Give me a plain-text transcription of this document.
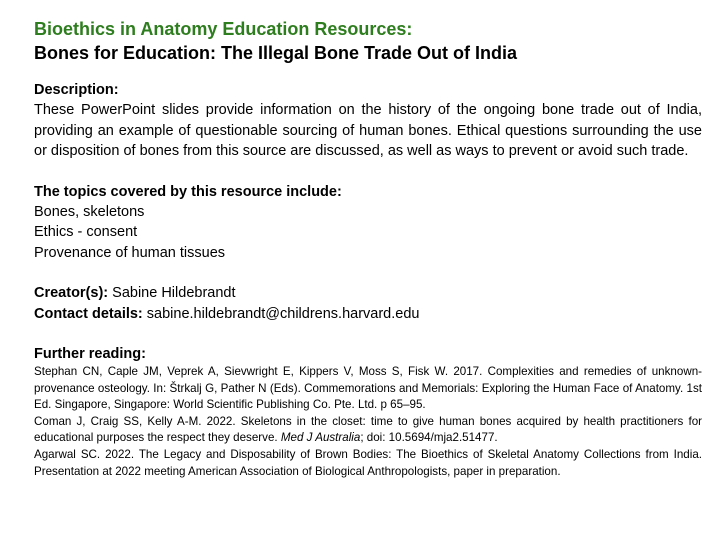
Bioethics in Anatomy Education Resources:

Bones for Education: The Illegal Bone Trade Out of India

Description:

These PowerPoint slides provide information on the history of the ongoing bone trade out of India, providing an example of questionable sourcing of human bones. Ethical questions surrounding the use or disposition of bones from this source are discussed, as well as ways to prevent or avoid such trade.

The topics covered by this resource include:

Bones, skeletons

Ethics - consent

Provenance of human tissues

Creator(s): Sabine Hildebrandt

Contact details: sabine.hildebrandt@childrens.harvard.edu

Further reading:

Stephan CN, Caple JM, Veprek A, Sievwright E, Kippers V, Moss S, Fisk W. 2017. Complexities and remedies of unknown-provenance osteology. In: Štrkalj G, Pather N (Eds). Commemorations and Memorials: Exploring the Human Face of Anatomy. 1st Ed. Singapore, Singapore: World Scientific Publishing Co. Pte. Ltd. p 65–95.

Coman J, Craig SS, Kelly A-M. 2022. Skeletons in the closet: time to give human bones acquired by health practitioners for educational purposes the respect they deserve. Med J Australia; doi: 10.5694/mja2.51477.

Agarwal SC. 2022. The Legacy and Disposability of Brown Bodies: The Bioethics of Skeletal Anatomy Collections from India. Presentation at 2022 meeting American Association of Biological Anthropologists, paper in preparation.
